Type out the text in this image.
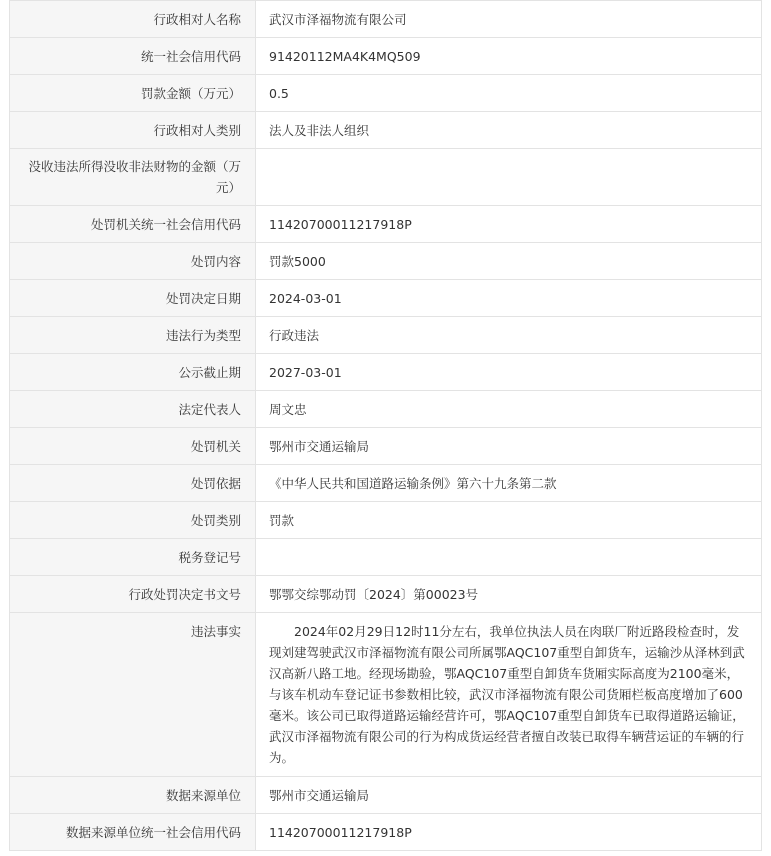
行政相对人名称	武汉市泽福物流有限公司
统一社会信用代码	91420112MA4K4MQ509
罚款金额（万元）	0.5
行政相对人类别	法人及非法人组织
没收违法所得没收非法财物的金额（万元）	
处罚机关统一社会信用代码	11420700011217918P
处罚内容	罚款5000
处罚决定日期	2024-03-01
违法行为类型	行政违法
公示截止期	2027-03-01
法定代表人	周文忠
处罚机关	鄂州市交通运输局
处罚依据	《中华人民共和国道路运输条例》第六十九条第二款
处罚类别	罚款
税务登记号	
行政处罚决定书文号	鄂鄂交综鄂动罚〔2024〕第00023号
违法事实	　　2024年02月29日12时11分左右，我单位执法人员在肉联厂附近路段检查时，发现刘建驾驶武汉市泽福物流有限公司所属鄂AQC107重型自卸货车，运输沙从泽林到武汉高新八路工地。经现场勘验，鄂AQC107重型自卸货车货厢实际高度为2100毫米，与该车机动车登记证书参数相比较，武汉市泽福物流有限公司货厢栏板高度增加了600毫米。该公司已取得道路运输经营许可，鄂AQC107重型自卸货车已取得道路运输证，武汉市泽福物流有限公司的行为构成货运经营者擅自改装已取得车辆营运证的车辆的行为。
数据来源单位	鄂州市交通运输局
数据来源单位统一社会信用代码	11420700011217918P
